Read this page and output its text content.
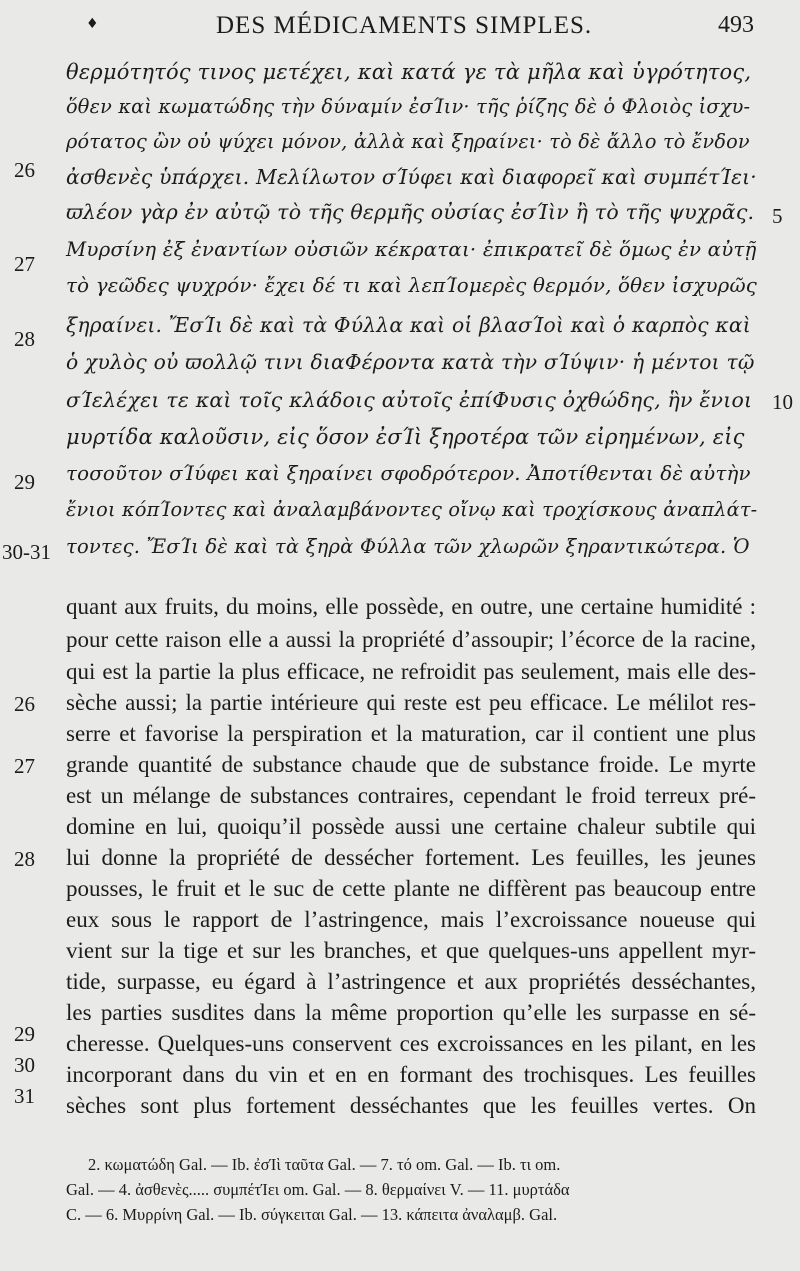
♦	DES MÉDICAMENTS SIMPLES.	493
θερμότητός τινος μετέχει, καὶ κατά γε τὰ μῆλα καὶ ὑγρότητος,
ὅθεν καὶ κωματώδης τὴν δύναμίν ἐσΊιν· τῆς ῥίζης δὲ ὁ Φλοιὸς ἰσχυ-
ρότατος ὢν οὐ ψύχει μόνον, ἀλλὰ καὶ ξηραίνει· τὸ δὲ ἄλλο τὸ ἔνδον
26	ἀσθενὲς ὑπάρχει. Μελίλωτον σΊύφει καὶ διαφορεῖ καὶ συμπέτΊει·
ϖλέον γὰρ ἐν αὐτῷ τὸ τῆς θερμῆς οὐσίας ἐσΊὶν ἢ τὸ τῆς ψυχρᾶς. 5
27
Μυρσίνη ἐξ ἐναντίων οὐσιῶν κέκραται· ἐπικρατεῖ δὲ ὅμως ἐν αὐτῇ
τὸ γεῶδες ψυχρόν· ἔχει δέ τι καὶ λεπΊομερὲς θερμόν, ὅθεν ἰσχυρῶς
28
ξηραίνει. ἜσΊι δὲ καὶ τὰ Φύλλα καὶ οἱ βλασΊοὶ καὶ ὁ καρπὸς καὶ
ὁ χυλὸς οὐ ϖολλῷ τινι διαΦέροντα κατὰ τὴν σΊύψιν· ἡ μέντοι τῷ
σΊελέχει τε καὶ τοῖς κλάδοις αὐτοῖς ἐπίΦυσις ὀχθώδης, ἣν ἔνιοι 10
μυρτίδα καλοῦσιν, εἰς ὅσον ἐσΊὶ ξηροτέρα τῶν εἰρημένων, εἰς
29	τοσοῦτον σΊύφει καὶ ξηραίνει σφοδρότερον. Ἀποτίθενται δὲ αὐτὴν
ἔνιοι κόπΊοντες καὶ ἀναλαμβάνοντες οἴνῳ καὶ τροχίσκους ἀναπλάτ-
30-31 τοντες. ἜσΊι δὲ καὶ τὰ ξηρὰ Φύλλα τῶν χλωρῶν ξηραντικώτερα. Ὁ
quant aux fruits, du moins, elle possède, en outre, une certaine humidité :
pour cette raison elle a aussi la propriété d’assoupir; l’écorce de la racine,
qui est la partie la plus efficace, ne refroidit pas seulement, mais elle des-
26	sèche aussi; la partie intérieure qui reste est peu efficace. Le mélilot res-
serre et favorise la perspiration et la maturation, car il contient une plus
27	grande quantité de substance chaude que de substance froide. Le myrte
est un mélange de substances contraires, cependant le froid terreux pré-
domine en lui, quoiqu’il possède aussi une certaine chaleur subtile qui
28	lui donne la propriété de dessécher fortement. Les feuilles, les jeunes
pousses, le fruit et le suc de cette plante ne diffèrent pas beaucoup entre
eux sous le rapport de l’astringence, mais l’excroissance noueuse qui
vient sur la tige et sur les branches, et que quelques-uns appellent myr-
tide, surpasse, eu égard à l’astringence et aux propriétés desséchantes,
les parties susdites dans la même proportion qu’elle les surpasse en sé-
29	cheresse. Quelques-uns conservent ces excroissances en les pilant, en les
30	incorporant dans du vin et en en formant des trochisques. Les feuilles
31	sèches sont plus fortement desséchantes que les feuilles vertes. On
2. κωματώδη Gal. — Ib. ἐσΊὶ ταῦτα Gal. — 7. τό om. Gal. — Ib. τι om.
Gal. — 4. ἀσθενὲς..... συμπέτΊει om. Gal. — 8. θερμαίνει V. — 11. μυρτάδα
C. — 6. Μυρρίνη Gal. — Ib. σύγκειται Gal. — 13. κάπειτα ἀναλαμβ. Gal.
